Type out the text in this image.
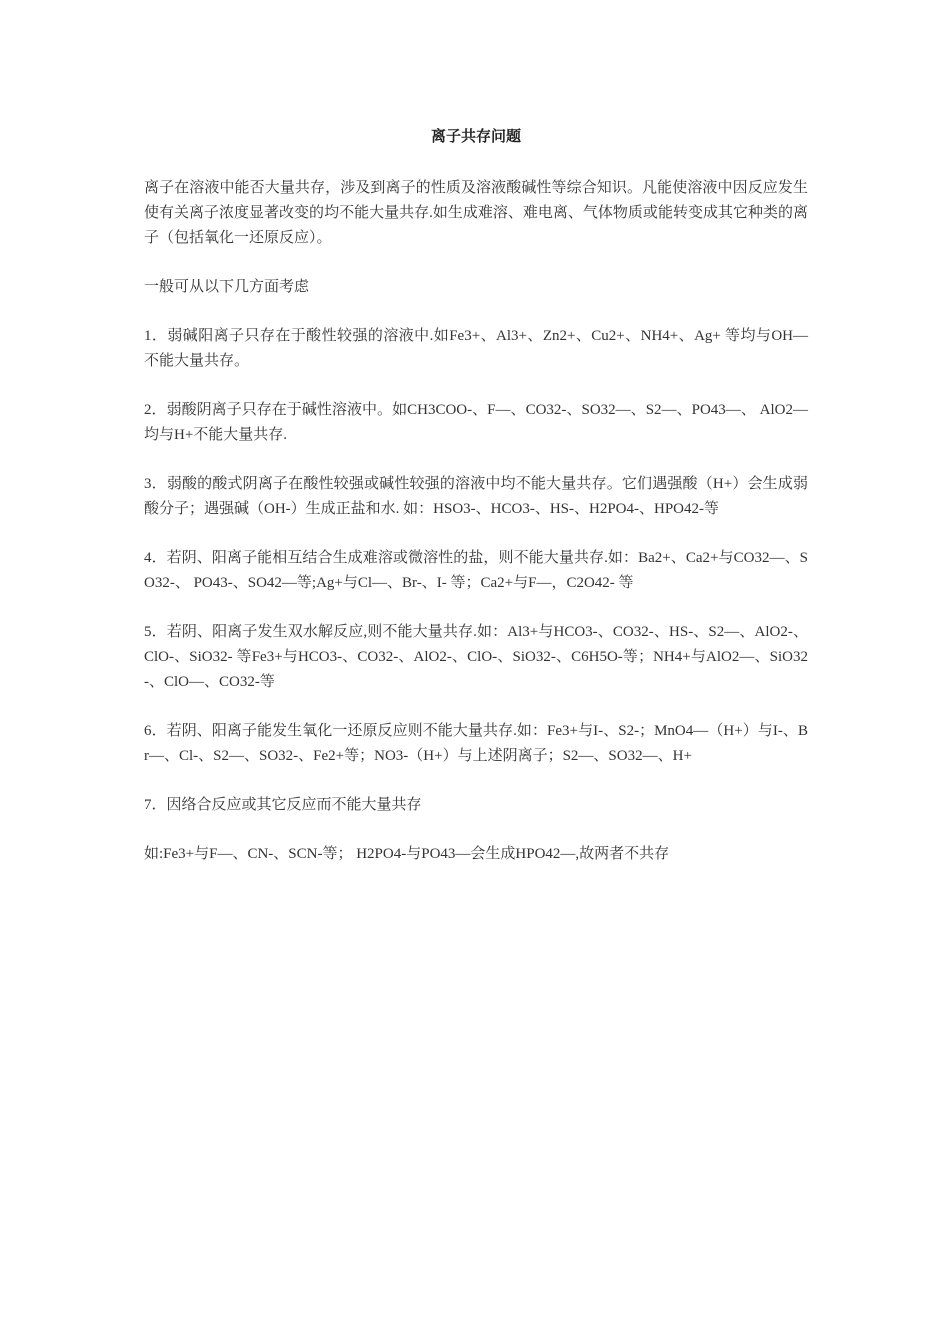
离子共存问题

离子在溶液中能否大量共存，涉及到离子的性质及溶液酸碱性等综合知识。凡能使溶液中因反应发生使有关离子浓度显著改变的均不能大量共存.如生成难溶、难电离、气体物质或能转变成其它种类的离子（包括氧化一还原反应）。

一般可从以下几方面考虑

1．弱碱阳离子只存在于酸性较强的溶液中.如Fe3+、Al3+、Zn2+、Cu2+、NH4+、Ag+ 等均与OH—不能大量共存。

2．弱酸阴离子只存在于碱性溶液中。如CH3COO-、F—、CO32-、SO32—、S2—、PO43—、 AlO2—均与H+不能大量共存.

3．弱酸的酸式阴离子在酸性较强或碱性较强的溶液中均不能大量共存。它们遇强酸（H+）会生成弱酸分子；遇强碱（OH-）生成正盐和水. 如：HSO3-、HCO3-、HS-、H2PO4-、HPO42-等

4．若阴、阳离子能相互结合生成难溶或微溶性的盐，则不能大量共存.如：Ba2+、Ca2+与CO32—、SO32-、 PO43-、SO42—等;Ag+与Cl—、Br-、I- 等；Ca2+与F—，C2O42- 等

5．若阴、阳离子发生双水解反应,则不能大量共存.如：Al3+与HCO3-、CO32-、HS-、S2—、AlO2-、ClO-、SiO32- 等Fe3+与HCO3-、CO32-、AlO2-、ClO-、SiO32-、C6H5O-等；NH4+与AlO2—、SiO32-、ClO—、CO32-等

6．若阴、阳离子能发生氧化一还原反应则不能大量共存.如：Fe3+与I-、S2-；MnO4—（H+）与I-、Br—、Cl-、S2—、SO32-、Fe2+等；NO3-（H+）与上述阴离子；S2—、SO32—、H+

7．因络合反应或其它反应而不能大量共存

如:Fe3+与F—、CN-、SCN-等； H2PO4-与PO43—会生成HPO42—,故两者不共存
